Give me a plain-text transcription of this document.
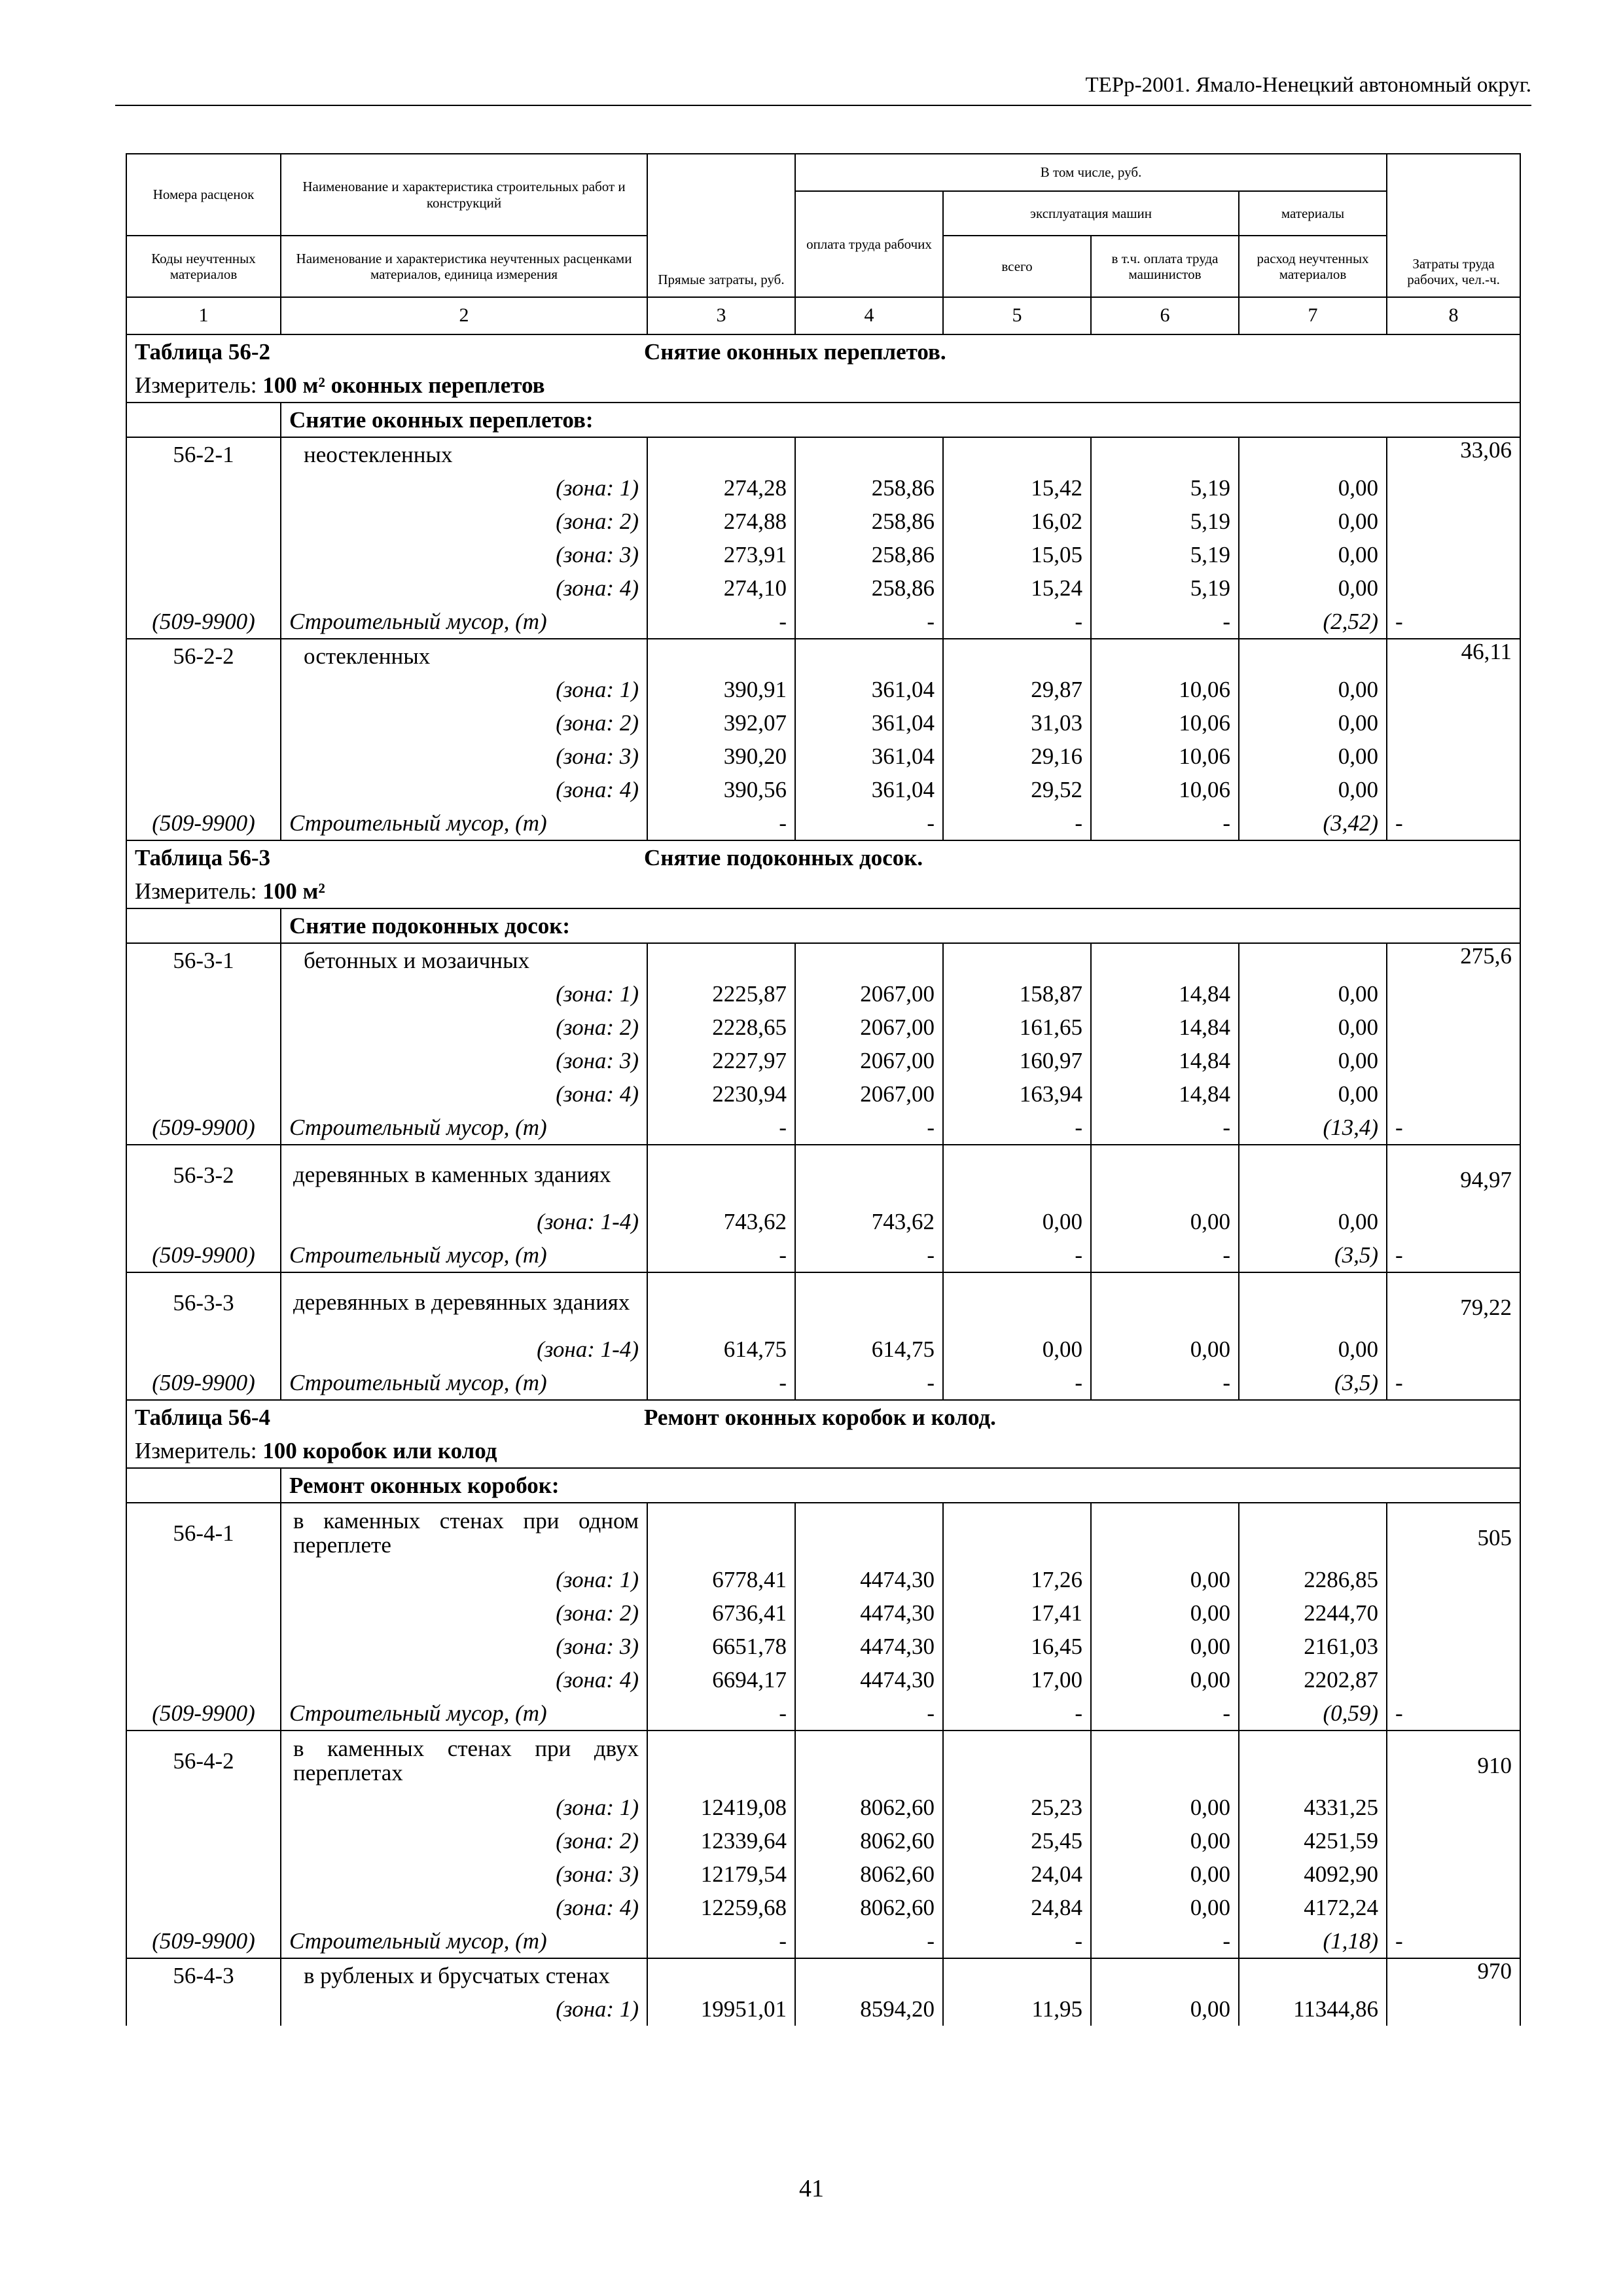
ТЕРр-2001. Ямало-Ненецкий автономный округ.
Номера расценок	Наименование и характеристика строительных работ и конструкций	Прямые затраты, руб.	В том числе, руб.				Затраты труда рабочих, чел.-ч.
			оплата труда рабочих	эксплуатация машин		материалы	
Коды неучтенных материалов	Наименование и характеристика неучтенных расценками материалов, единица измерения			всего	в т.ч. оплата труда машинистов	расход неучтенных материалов	
1	2	3	4	5	6	7	8
Таблица 56-2 Снятие оконных переплетов.							
Измеритель: 100 м² оконных переплетов							
	Снятие оконных переплетов:						
56-2-1	неостекленных						33,06
	(зона: 1)	274,28	258,86	15,42	5,19	0,00	
	(зона: 2)	274,88	258,86	16,02	5,19	0,00	
	(зона: 3)	273,91	258,86	15,05	5,19	0,00	
	(зона: 4)	274,10	258,86	15,24	5,19	0,00	
(509-9900)	Строительный мусор, (т)	-	-	-	-	(2,52)	-
56-2-2	остекленных						46,11
	(зона: 1)	390,91	361,04	29,87	10,06	0,00	
	(зона: 2)	392,07	361,04	31,03	10,06	0,00	
	(зона: 3)	390,20	361,04	29,16	10,06	0,00	
	(зона: 4)	390,56	361,04	29,52	10,06	0,00	
(509-9900)	Строительный мусор, (т)	-	-	-	-	(3,42)	-
Таблица 56-3 Снятие подоконных досок.							
Измеритель: 100 м²							
	Снятие подоконных досок:						
56-3-1	бетонных и мозаичных						275,6
	(зона: 1)	2225,87	2067,00	158,87	14,84	0,00	
	(зона: 2)	2228,65	2067,00	161,65	14,84	0,00	
	(зона: 3)	2227,97	2067,00	160,97	14,84	0,00	
	(зона: 4)	2230,94	2067,00	163,94	14,84	0,00	
(509-9900)	Строительный мусор, (т)	-	-	-	-	(13,4)	-
56-3-2	деревянных в каменных зданиях						94,97
	(зона: 1-4)	743,62	743,62	0,00	0,00	0,00	
(509-9900)	Строительный мусор, (т)	-	-	-	-	(3,5)	-
56-3-3	деревянных в деревянных зданиях						79,22
	(зона: 1-4)	614,75	614,75	0,00	0,00	0,00	
(509-9900)	Строительный мусор, (т)	-	-	-	-	(3,5)	-
Таблица 56-4 Ремонт оконных коробок и колод.							
Измеритель: 100 коробок или колод							
	Ремонт оконных коробок:						
56-4-1	в каменных стенах при одном переплете						505
	(зона: 1)	6778,41	4474,30	17,26	0,00	2286,85	
	(зона: 2)	6736,41	4474,30	17,41	0,00	2244,70	
	(зона: 3)	6651,78	4474,30	16,45	0,00	2161,03	
	(зона: 4)	6694,17	4474,30	17,00	0,00	2202,87	
(509-9900)	Строительный мусор, (т)	-	-	-	-	(0,59)	-
56-4-2	в каменных стенах при двух переплетах						910
	(зона: 1)	12419,08	8062,60	25,23	0,00	4331,25	
	(зона: 2)	12339,64	8062,60	25,45	0,00	4251,59	
	(зона: 3)	12179,54	8062,60	24,04	0,00	4092,90	
	(зона: 4)	12259,68	8062,60	24,84	0,00	4172,24	
(509-9900)	Строительный мусор, (т)	-	-	-	-	(1,18)	-
56-4-3	в рубленых и брусчатых стенах						970
	(зона: 1)	19951,01	8594,20	11,95	0,00	11344,86	
41
